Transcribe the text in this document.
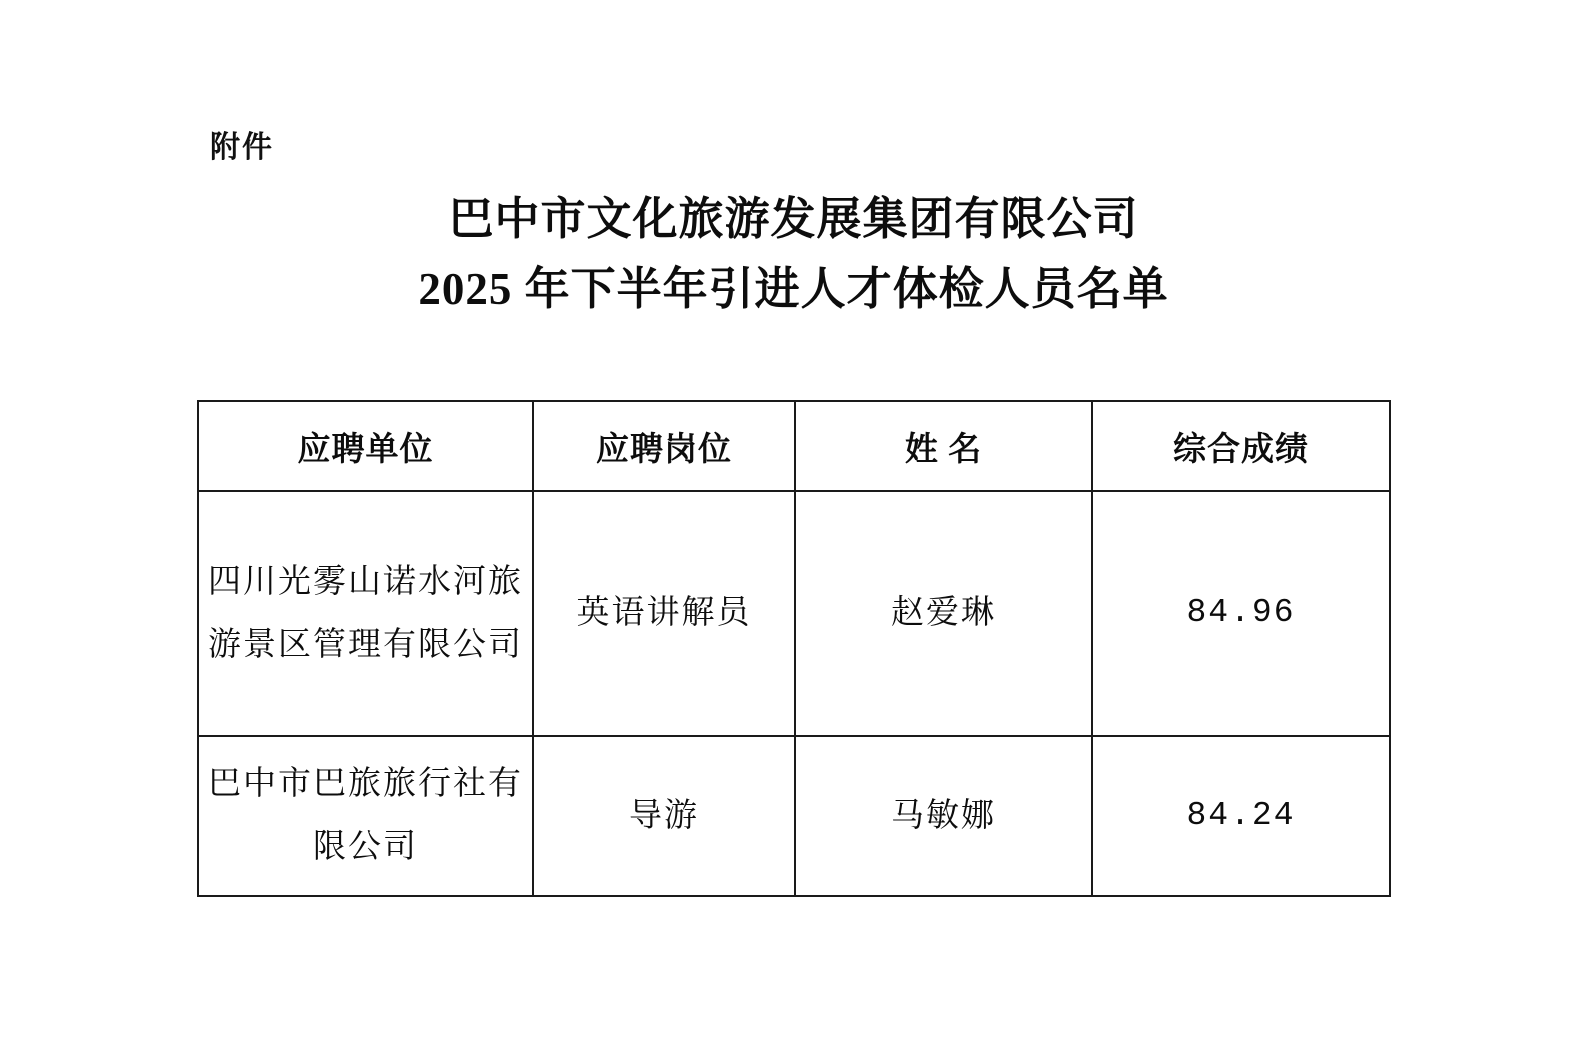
附件
巴中市文化旅游发展集团有限公司
2025 年下半年引进人才体检人员名单
应聘单位	应聘岗位	姓 名	综合成绩
四川光雾山诺水河旅游景区管理有限公司	英语讲解员	赵爱琳	84.96
巴中市巴旅旅行社有限公司	导游	马敏娜	84.24
